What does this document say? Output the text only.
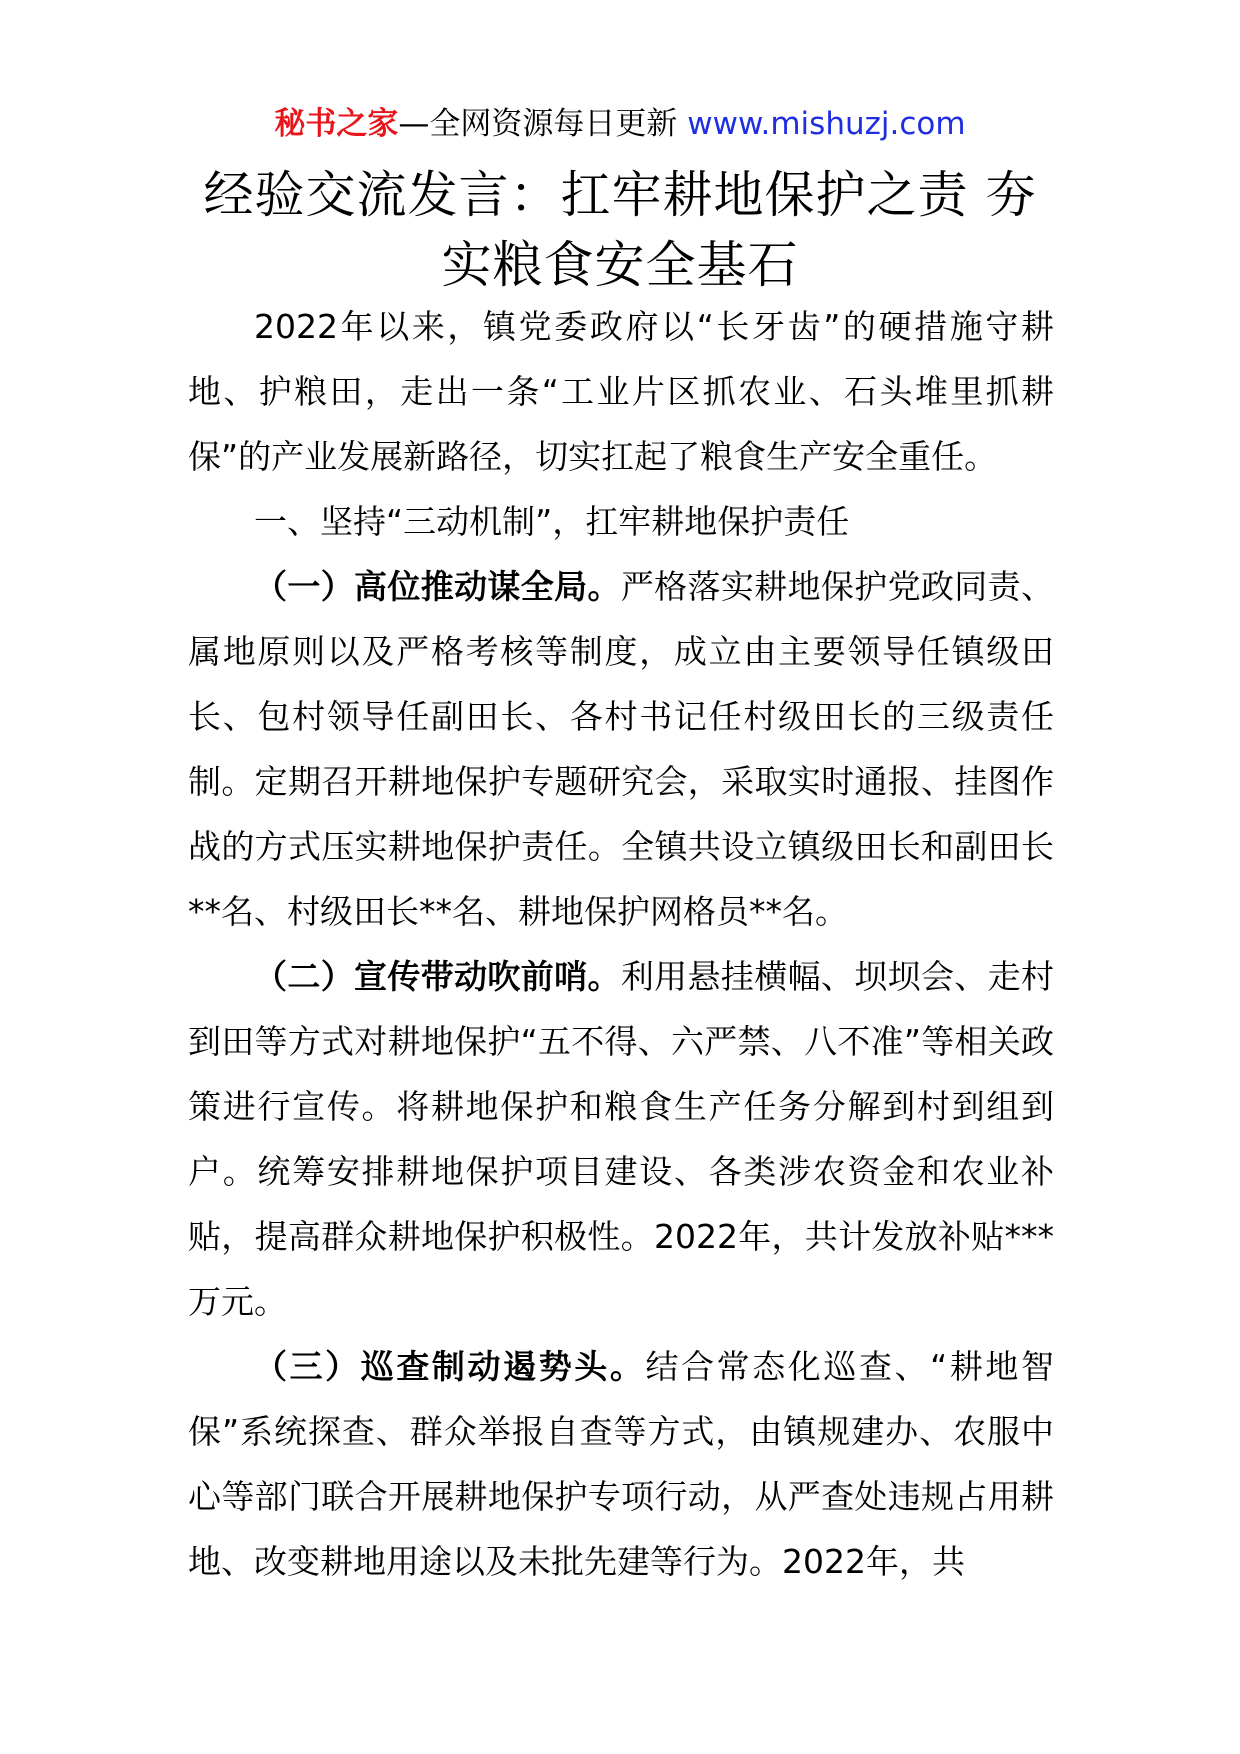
秘书之家—全网资源每日更新 www.mishuzj.com
经验交流发言：扛牢耕地保护之责 夯实粮食安全基石

2022年以来，镇党委政府以“长牙齿”的硬措施守耕地、护粮田，走出一条“工业片区抓农业、石头堆里抓耕保”的产业发展新路径，切实扛起了粮食生产安全重任。

一、坚持“三动机制”，扛牢耕地保护责任

（一）高位推动谋全局。严格落实耕地保护党政同责、属地原则以及严格考核等制度，成立由主要领导任镇级田长、包村领导任副田长、各村书记任村级田长的三级责任制。定期召开耕地保护专题研究会，采取实时通报、挂图作战的方式压实耕地保护责任。全镇共设立镇级田长和副田长**名、村级田长**名、耕地保护网格员**名。

（二）宣传带动吹前哨。利用悬挂横幅、坝坝会、走村到田等方式对耕地保护“五不得、六严禁、八不准”等相关政策进行宣传。将耕地保护和粮食生产任务分解到村到组到户。统筹安排耕地保护项目建设、各类涉农资金和农业补贴，提高群众耕地保护积极性。2022年，共计发放补贴***万元。

（三）巡查制动遏势头。结合常态化巡查、“耕地智保”系统探查、群众举报自查等方式，由镇规建办、农服中心等部门联合开展耕地保护专项行动，从严查处违规占用耕地、改变耕地用途以及未批先建等行为。2022年，共
